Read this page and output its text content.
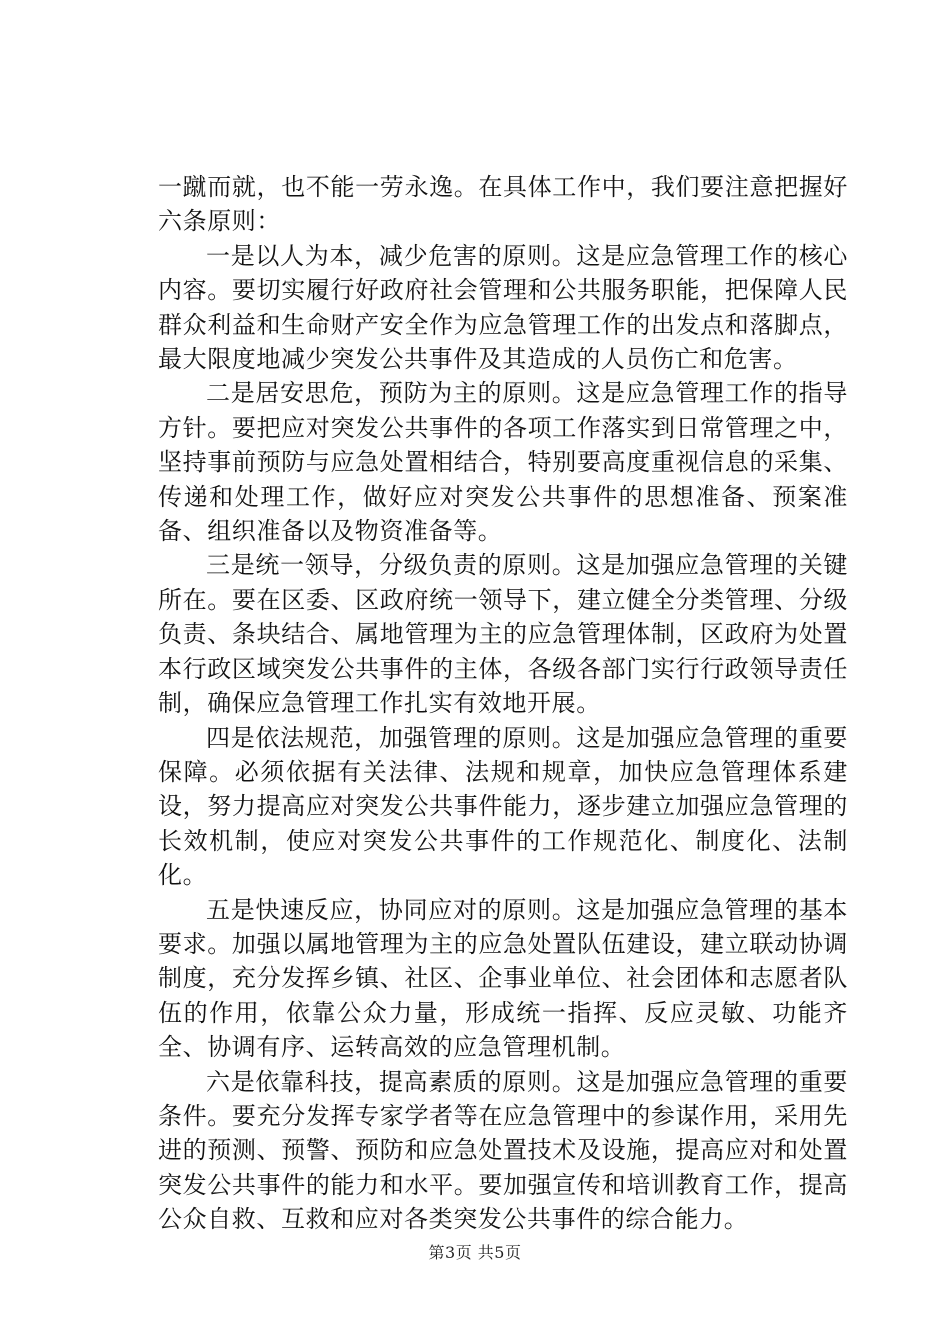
一蹴而就，也不能一劳永逸。在具体工作中，我们要注意把握好六条原则：

一是以人为本，减少危害的原则。这是应急管理工作的核心内容。要切实履行好政府社会管理和公共服务职能，把保障人民群众利益和生命财产安全作为应急管理工作的出发点和落脚点，最大限度地减少突发公共事件及其造成的人员伤亡和危害。

二是居安思危，预防为主的原则。这是应急管理工作的指导方针。要把应对突发公共事件的各项工作落实到日常管理之中，坚持事前预防与应急处置相结合，特别要高度重视信息的采集、传递和处理工作，做好应对突发公共事件的思想准备、预案准备、组织准备以及物资准备等。

三是统一领导，分级负责的原则。这是加强应急管理的关键所在。要在区委、区政府统一领导下，建立健全分类管理、分级负责、条块结合、属地管理为主的应急管理体制，区政府为处置本行政区域突发公共事件的主体，各级各部门实行行政领导责任制，确保应急管理工作扎实有效地开展。

四是依法规范，加强管理的原则。这是加强应急管理的重要保障。必须依据有关法律、法规和规章，加快应急管理体系建设，努力提高应对突发公共事件能力，逐步建立加强应急管理的长效机制，使应对突发公共事件的工作规范化、制度化、法制化。

五是快速反应，协同应对的原则。这是加强应急管理的基本要求。加强以属地管理为主的应急处置队伍建设，建立联动协调制度，充分发挥乡镇、社区、企事业单位、社会团体和志愿者队伍的作用，依靠公众力量，形成统一指挥、反应灵敏、功能齐全、协调有序、运转高效的应急管理机制。

六是依靠科技，提高素质的原则。这是加强应急管理的重要条件。要充分发挥专家学者等在应急管理中的参谋作用，采用先进的预测、预警、预防和应急处置技术及设施，提高应对和处置突发公共事件的能力和水平。要加强宣传和培训教育工作，提高公众自救、互救和应对各类突发公共事件的综合能力。

第3页 共5页
